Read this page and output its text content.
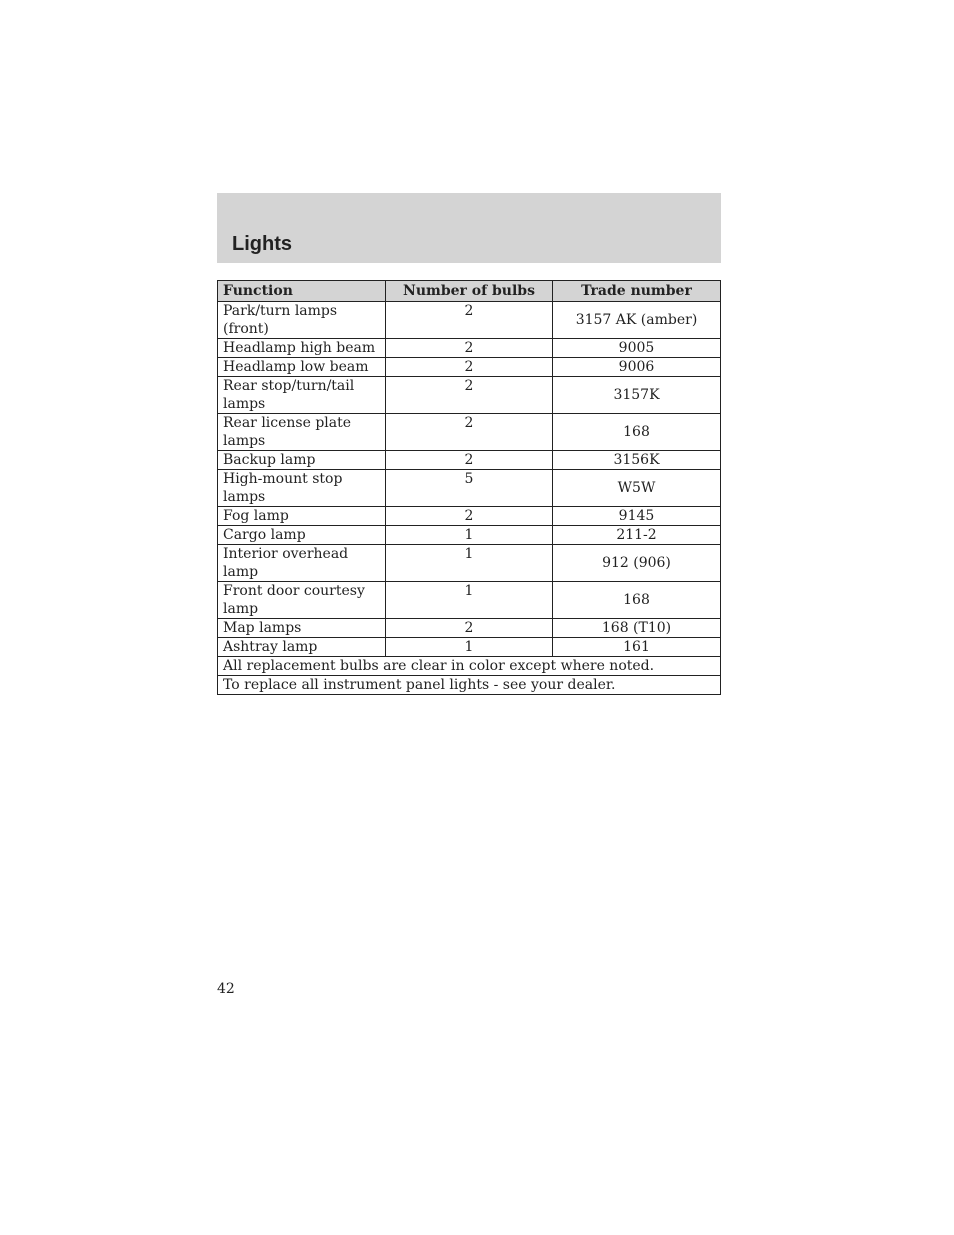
Lights
Function	Number of bulbs	Trade number
Park/turn lamps (front)	2	3157 AK (amber)
Headlamp high beam	2	9005
Headlamp low beam	2	9006
Rear stop/turn/tail lamps	2	3157K
Rear license plate lamps	2	168
Backup lamp	2	3156K
High-mount stop lamps	5	W5W
Fog lamp	2	9145
Cargo lamp	1	211-2
Interior overhead lamp	1	912 (906)
Front door courtesy lamp	1	168
Map lamps	2	168 (T10)
Ashtray lamp	1	161
All replacement bulbs are clear in color except where noted.		
To replace all instrument panel lights - see your dealer.		
42
